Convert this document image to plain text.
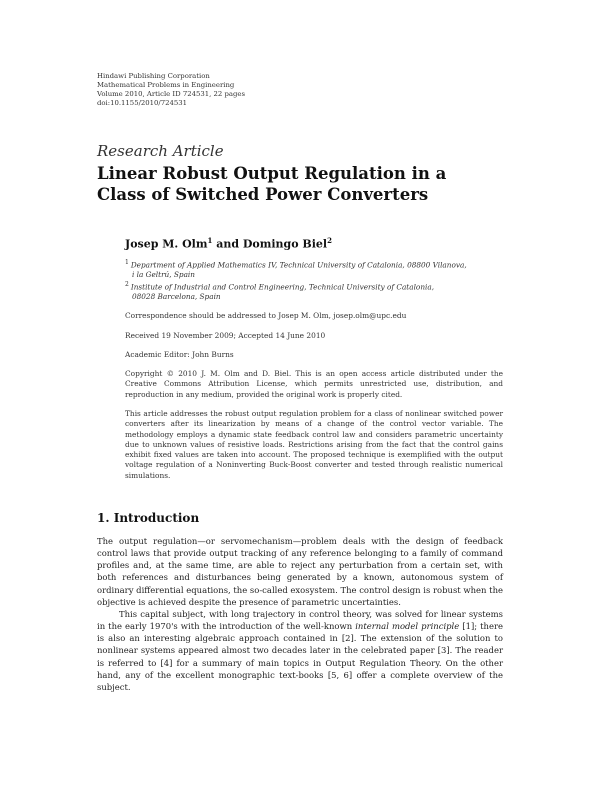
Hindawi Publishing Corporation
Mathematical Problems in Engineering
Volume 2010, Article ID 724531, 22 pages
doi:10.1155/2010/724531
Research Article
Linear Robust Output Regulation in a Class of Switched Power Converters
Josep M. Olm$^1$ and Domingo Biel$^2$
$^1$ Department of Applied Mathematics IV, Technical University of Catalonia, 08800 Vilanova,
i la Geltrú, Spain
$^2$ Institute of Industrial and Control Engineering, Technical University of Catalonia,
08028 Barcelona, Spain
Correspondence should be addressed to Josep M. Olm, josep.olm@upc.edu
Received 19 November 2009; Accepted 14 June 2010
Academic Editor: John Burns
Copyright © 2010 J. M. Olm and D. Biel. This is an open access article distributed under the Creative Commons Attribution License, which permits unrestricted use, distribution, and reproduction in any medium, provided the original work is properly cited.
This article addresses the robust output regulation problem for a class of nonlinear switched power converters after its linearization by means of a change of the control vector variable. The methodology employs a dynamic state feedback control law and considers parametric uncertainty due to unknown values of resistive loads. Restrictions arising from the fact that the control gains exhibit fixed values are taken into account. The proposed technique is exemplified with the output voltage regulation of a Noninverting Buck-Boost converter and tested through realistic numerical simulations.
1. Introduction
The output regulation—or servomechanism—problem deals with the design of feedback control laws that provide output tracking of any reference belonging to a family of command profiles and, at the same time, are able to reject any perturbation from a certain set, with both references and disturbances being generated by a known, autonomous system of ordinary differential equations, the so-called exosystem. The control design is robust when the objective is achieved despite the presence of parametric uncertainties.
This capital subject, with long trajectory in control theory, was solved for linear systems in the early 1970's with the introduction of the well-known internal model principle [1]; there is also an interesting algebraic approach contained in [2]. The extension of the solution to nonlinear systems appeared almost two decades later in the celebrated paper [3]. The reader is referred to [4] for a summary of main topics in Output Regulation Theory. On the other hand, any of the excellent monographic text-books [5, 6] offer a complete overview of the subject.
